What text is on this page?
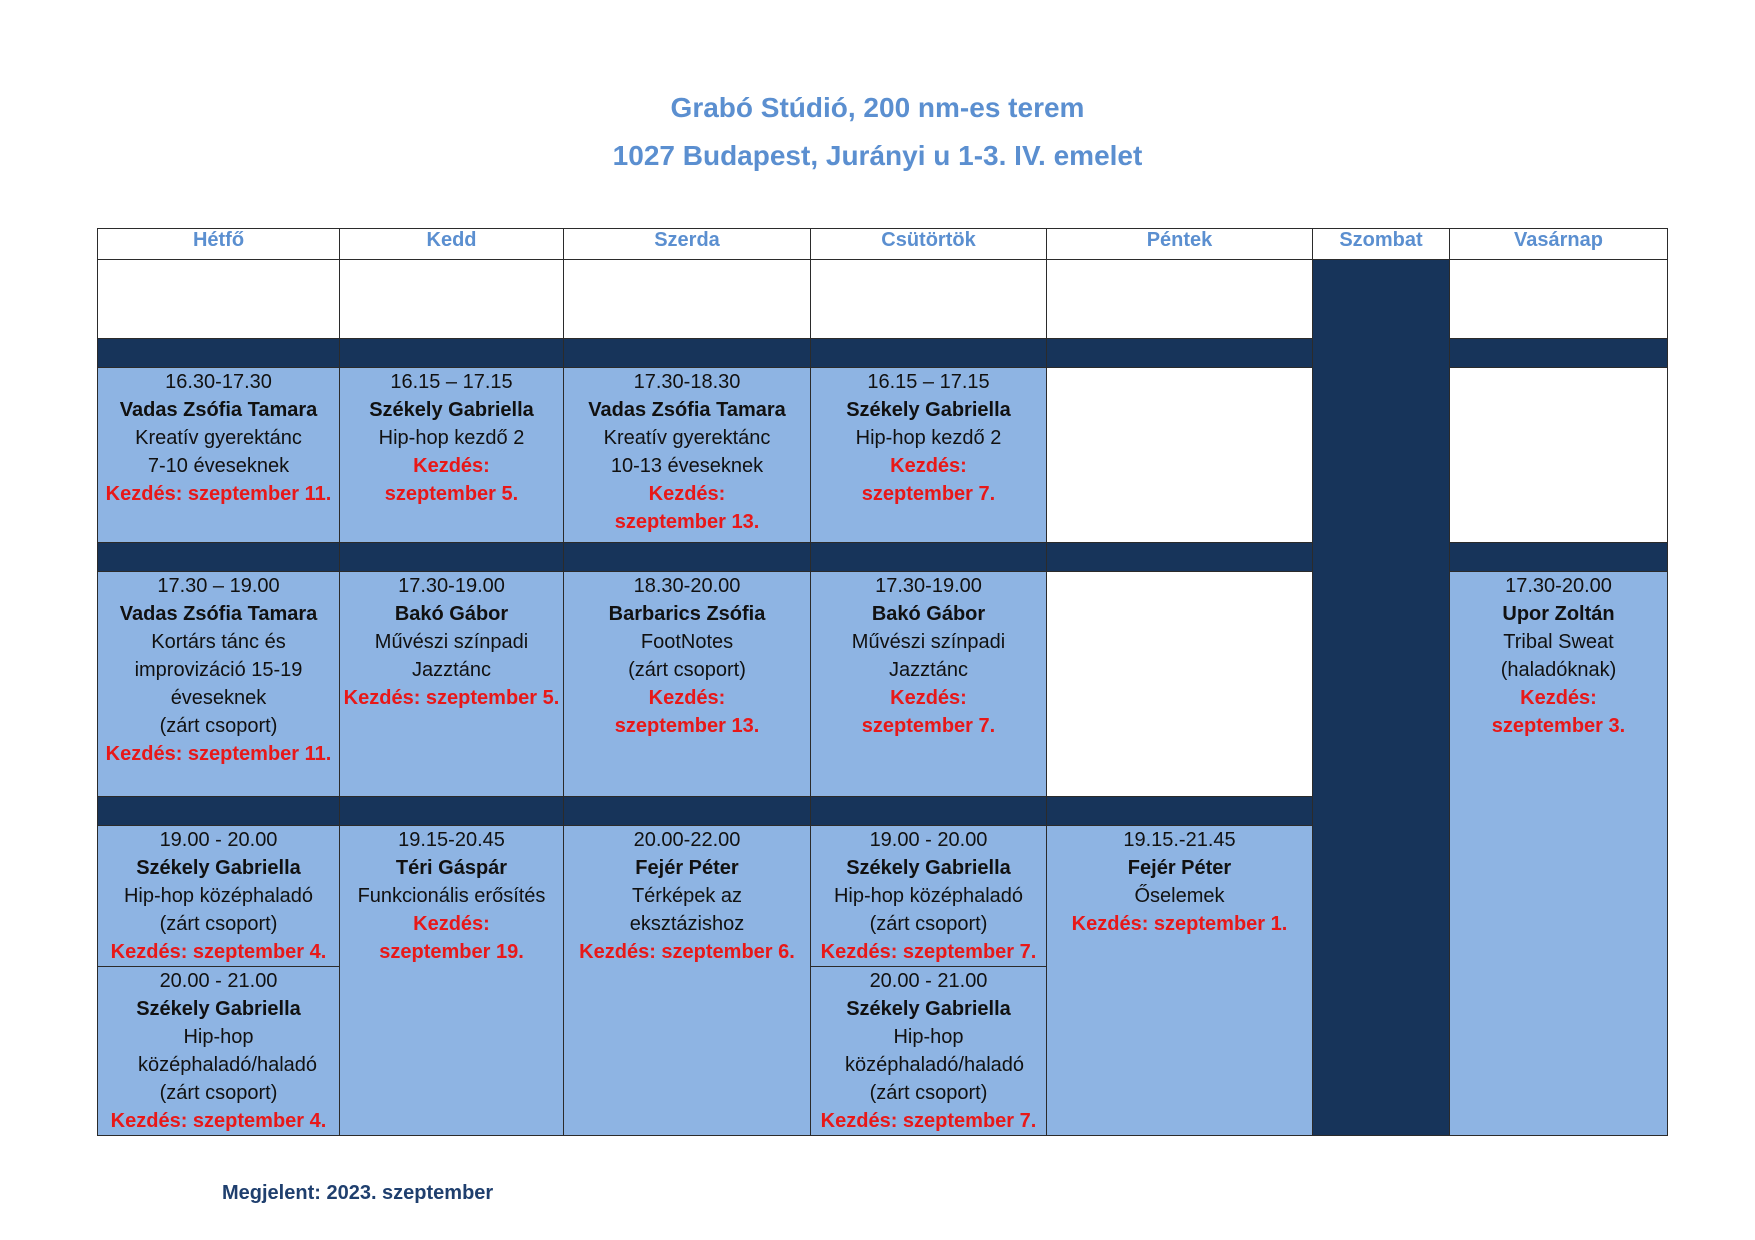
Grabó Stúdió, 200 nm-es terem
1027 Budapest, Jurányi u 1-3. IV. emelet
Hétfő	Kedd	Szerda	Csütörtök	Péntek	Szombat	Vasárnap

16.30-17.30
Vadas Zsófia Tamara
Kreatív gyerektánc
7-10 éveseknek
Kezdés: szeptember 11.	16.15 – 17.15
Székely Gabriella
Hip-hop kezdő 2
Kezdés: szeptember 5.	17.30-18.30
Vadas Zsófia Tamara
Kreatív gyerektánc
10-13 éveseknek
Kezdés: szeptember 13.	16.15 – 17.15
Székely Gabriella
Hip-hop kezdő 2
Kezdés: szeptember 7.			

17.30 – 19.00
Vadas Zsófia Tamara
Kortárs tánc és improvizáció 15-19 éveseknek
(zárt csoport)
Kezdés: szeptember 11.	17.30-19.00
Bakó Gábor
Művészi színpadi Jazztánc
Kezdés: szeptember 5.	18.30-20.00
Barbarics Zsófia
FootNotes
(zárt csoport)
Kezdés: szeptember 13.	17.30-19.00
Bakó Gábor
Művészi színpadi Jazztánc
Kezdés: szeptember 7.			17.30-20.00
Upor Zoltán
Tribal Sweat
(haladóknak)
Kezdés: szeptember 3.

19.00 - 20.00
Székely Gabriella
Hip-hop középhaladó
(zárt csoport)
Kezdés: szeptember 4.	19.15-20.45
Téri Gáspár
Funkcionális erősítés
Kezdés: szeptember 19.	20.00-22.00
Fejér Péter
Térképek az eksztázishoz
Kezdés: szeptember 6.	19.00 - 20.00
Székely Gabriella
Hip-hop középhaladó
(zárt csoport)
Kezdés: szeptember 7.	19.15.-21.45
Fejér Péter
Őselemek
Kezdés: szeptember 1.		

20.00 - 21.00
Székely Gabriella
Hip-hop középhaladó/haladó
(zárt csoport)
Kezdés: szeptember 4.			20.00 - 21.00
Székely Gabriella
Hip-hop középhaladó/haladó
(zárt csoport)
Kezdés: szeptember 7.			
Megjelent: 2023. szeptember
